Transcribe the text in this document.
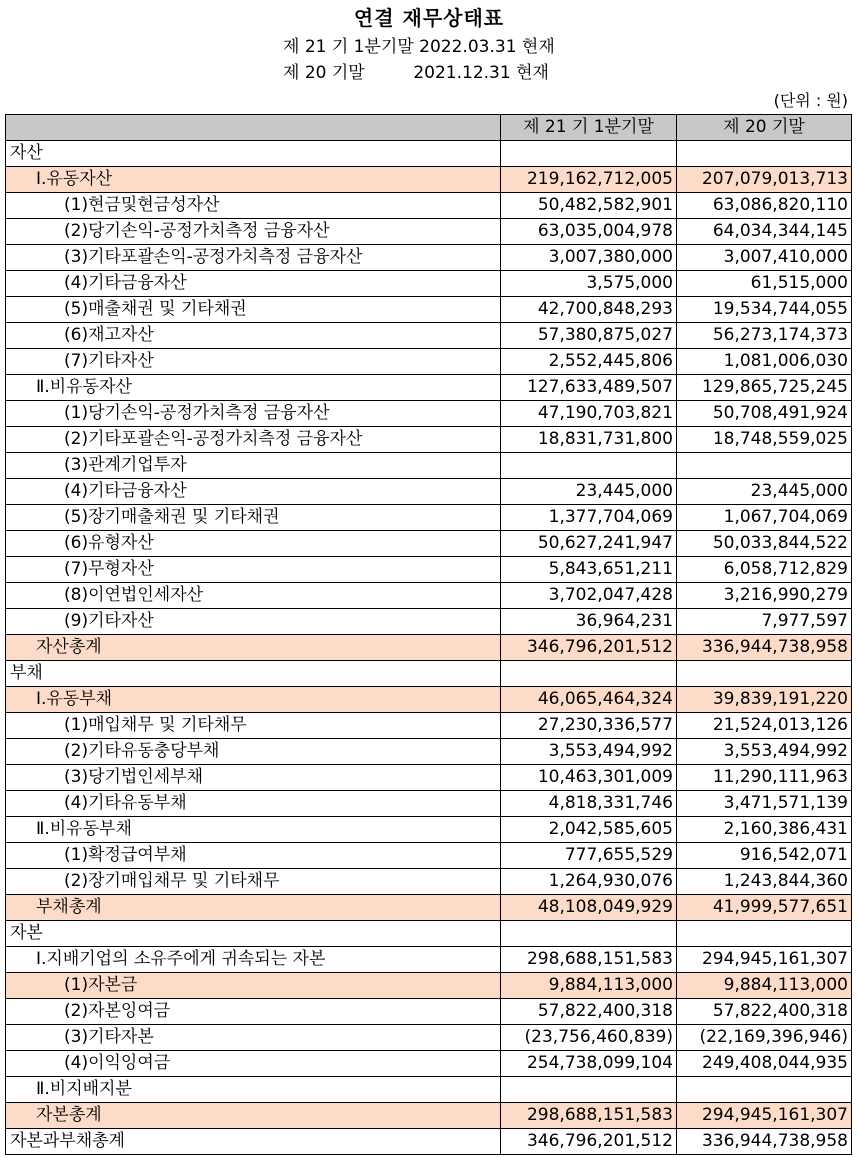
연결 재무상태표
제 21 기 1분기말 2022.03.31 현재
제 20 기말         2021.12.31 현재
(단위 : 원)
	제 21 기 1분기말	제 20 기말
자산		
Ⅰ.유동자산	219,162,712,005	207,079,013,713
(1)현금및현금성자산	50,482,582,901	63,086,820,110
(2)당기손익-공정가치측정 금융자산	63,035,004,978	64,034,344,145
(3)기타포괄손익-공정가치측정 금융자산	3,007,380,000	3,007,410,000
(4)기타금융자산	3,575,000	61,515,000
(5)매출채권 및 기타채권	42,700,848,293	19,534,744,055
(6)재고자산	57,380,875,027	56,273,174,373
(7)기타자산	2,552,445,806	1,081,006,030
Ⅱ.비유동자산	127,633,489,507	129,865,725,245
(1)당기손익-공정가치측정 금융자산	47,190,703,821	50,708,491,924
(2)기타포괄손익-공정가치측정 금융자산	18,831,731,800	18,748,559,025
(3)관계기업투자		
(4)기타금융자산	23,445,000	23,445,000
(5)장기매출채권 및 기타채권	1,377,704,069	1,067,704,069
(6)유형자산	50,627,241,947	50,033,844,522
(7)무형자산	5,843,651,211	6,058,712,829
(8)이연법인세자산	3,702,047,428	3,216,990,279
(9)기타자산	36,964,231	7,977,597
자산총계	346,796,201,512	336,944,738,958
부채		
Ⅰ.유동부채	46,065,464,324	39,839,191,220
(1)매입채무 및 기타채무	27,230,336,577	21,524,013,126
(2)기타유동충당부채	3,553,494,992	3,553,494,992
(3)당기법인세부채	10,463,301,009	11,290,111,963
(4)기타유동부채	4,818,331,746	3,471,571,139
Ⅱ.비유동부채	2,042,585,605	2,160,386,431
(1)확정급여부채	777,655,529	916,542,071
(2)장기매입채무 및 기타채무	1,264,930,076	1,243,844,360
부채총계	48,108,049,929	41,999,577,651
자본		
Ⅰ.지배기업의 소유주에게 귀속되는 자본	298,688,151,583	294,945,161,307
(1)자본금	9,884,113,000	9,884,113,000
(2)자본잉여금	57,822,400,318	57,822,400,318
(3)기타자본	(23,756,460,839)	(22,169,396,946)
(4)이익잉여금	254,738,099,104	249,408,044,935
Ⅱ.비지배지분		
자본총계	298,688,151,583	294,945,161,307
자본과부채총계	346,796,201,512	336,944,738,958
